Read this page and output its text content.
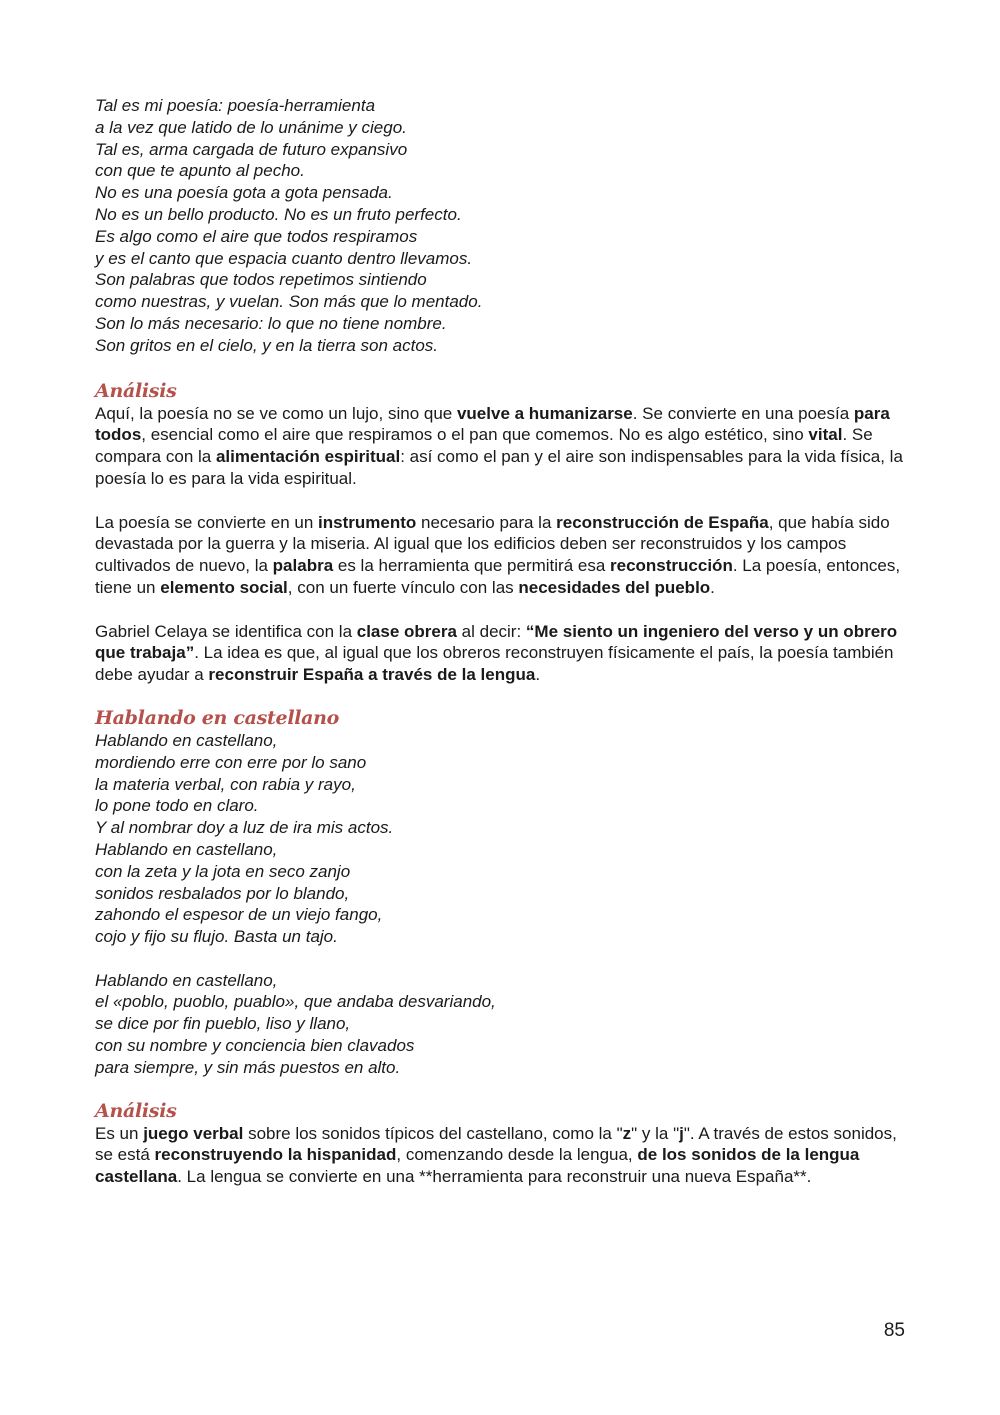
Tal es mi poesía: poesía-herramienta
a la vez que latido de lo unánime y ciego.
Tal es, arma cargada de futuro expansivo
con que te apunto al pecho.
No es una poesía gota a gota pensada.
No es un bello producto. No es un fruto perfecto.
Es algo como el aire que todos respiramos
y es el canto que espacia cuanto dentro llevamos.
Son palabras que todos repetimos sintiendo
como nuestras, y vuelan. Son más que lo mentado.
Son lo más necesario: lo que no tiene nombre.
Son gritos en el cielo, y en la tierra son actos.
Análisis

Aquí, la poesía no se ve como un lujo, sino que vuelve a humanizarse. Se convierte en una poesía para todos, esencial como el aire que respiramos o el pan que comemos. No es algo estético, sino vital. Se compara con la alimentación espiritual: así como el pan y el aire son indispensables para la vida física, la poesía lo es para la vida espiritual.

La poesía se convierte en un instrumento necesario para la reconstrucción de España, que había sido devastada por la guerra y la miseria. Al igual que los edificios deben ser reconstruidos y los campos cultivados de nuevo, la palabra es la herramienta que permitirá esa reconstrucción. La poesía, entonces, tiene un elemento social, con un fuerte vínculo con las necesidades del pueblo.

Gabriel Celaya se identifica con la clase obrera al decir: “Me siento un ingeniero del verso y un obrero que trabaja”. La idea es que, al igual que los obreros reconstruyen físicamente el país, la poesía también debe ayudar a reconstruir España a través de la lengua.

Hablando en castellano
Hablando en castellano,
mordiendo erre con erre por lo sano
la materia verbal, con rabia y rayo,
lo pone todo en claro.
Y al nombrar doy a luz de ira mis actos.
Hablando en castellano,
con la zeta y la jota en seco zanjo
sonidos resbalados por lo blando,
zahondo el espesor de un viejo fango,
cojo y fijo su flujo. Basta un tajo.
Hablando en castellano,
el «poblo, puoblo, puablo», que andaba desvariando,
se dice por fin pueblo, liso y llano,
con su nombre y conciencia bien clavados
para siempre, y sin más puestos en alto.
Análisis

Es un juego verbal sobre los sonidos típicos del castellano, como la "z" y la "j". A través de estos sonidos, se está reconstruyendo la hispanidad, comenzando desde la lengua, de los sonidos de la lengua castellana. La lengua se convierte en una **herramienta para reconstruir una nueva España**.

85
